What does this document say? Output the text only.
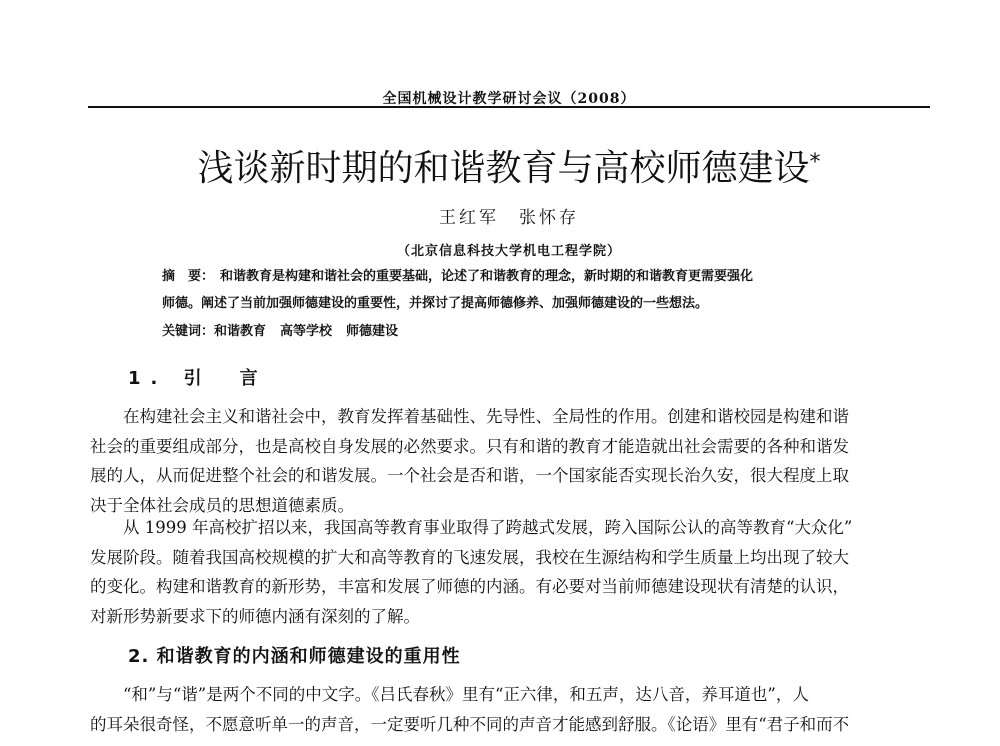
全国机械设计教学研讨会议（2008）
浅谈新时期的和谐教育与高校师德建设*
王红军　张怀存
（北京信息科技大学机电工程学院）
摘　要： 和谐教育是构建和谐社会的重要基础，论述了和谐教育的理念，新时期的和谐教育更需要强化
师德。阐述了当前加强师德建设的重要性，并探讨了提高师德修养、加强师德建设的一些想法。
关键词：和谐教育 高等学校 师德建设
1. 引　言
　　在构建社会主义和谐社会中，教育发挥着基础性、先导性、全局性的作用。创建和谐校园是构建和谐
社会的重要组成部分，也是高校自身发展的必然要求。只有和谐的教育才能造就出社会需要的各种和谐发
展的人，从而促进整个社会的和谐发展。一个社会是否和谐，一个国家能否实现长治久安，很大程度上取
决于全体社会成员的思想道德素质。
　　从 1999 年高校扩招以来，我国高等教育事业取得了跨越式发展，跨入国际公认的高等教育“大众化”
发展阶段。随着我国高校规模的扩大和高等教育的飞速发展，我校在生源结构和学生质量上均出现了较大
的变化。构建和谐教育的新形势，丰富和发展了师德的内涵。有必要对当前师德建设现状有清楚的认识，
对新形势新要求下的师德内涵有深刻的了解。
2. 和谐教育的内涵和师德建设的重用性
　　“和”与“谐”是两个不同的中文字。《吕氏春秋》里有“正六律，和五声，达八音，养耳道也”，人
的耳朵很奇怪，不愿意听单一的声音，一定要听几种不同的声音才能感到舒服。《论语》里有“君子和而不
